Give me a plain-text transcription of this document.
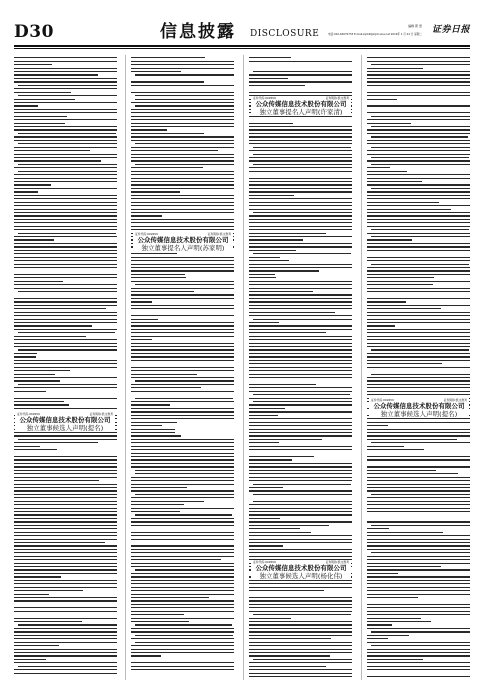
D30	信息披露 DISCLOSURE
编辑 郭 壹
电话:010-63070733 E-mail:zqrb9@zqrb.sina.net 2019年 1 月 22 日 星期二 证券日报
证券代码:002659	证券简称:凯文教育
公众传媒信息技术股份有限公司
独立董事候选人声明(提名)
证券代码:002659	证券简称:凯文教育
公众传媒信息技术股份有限公司
独立董事提名人声明(苏家明)
证券代码:002659	证券简称:凯文教育
公众传媒信息技术股份有限公司
独立董事提名人声明(许家清)
证券代码:002659	证券简称:凯文教育
公众传媒信息技术股份有限公司
独立董事候选人声明(杨化伟)
证券代码:002659	证券简称:凯文教育
公众传媒信息技术股份有限公司
独立董事候选人声明(提名)
